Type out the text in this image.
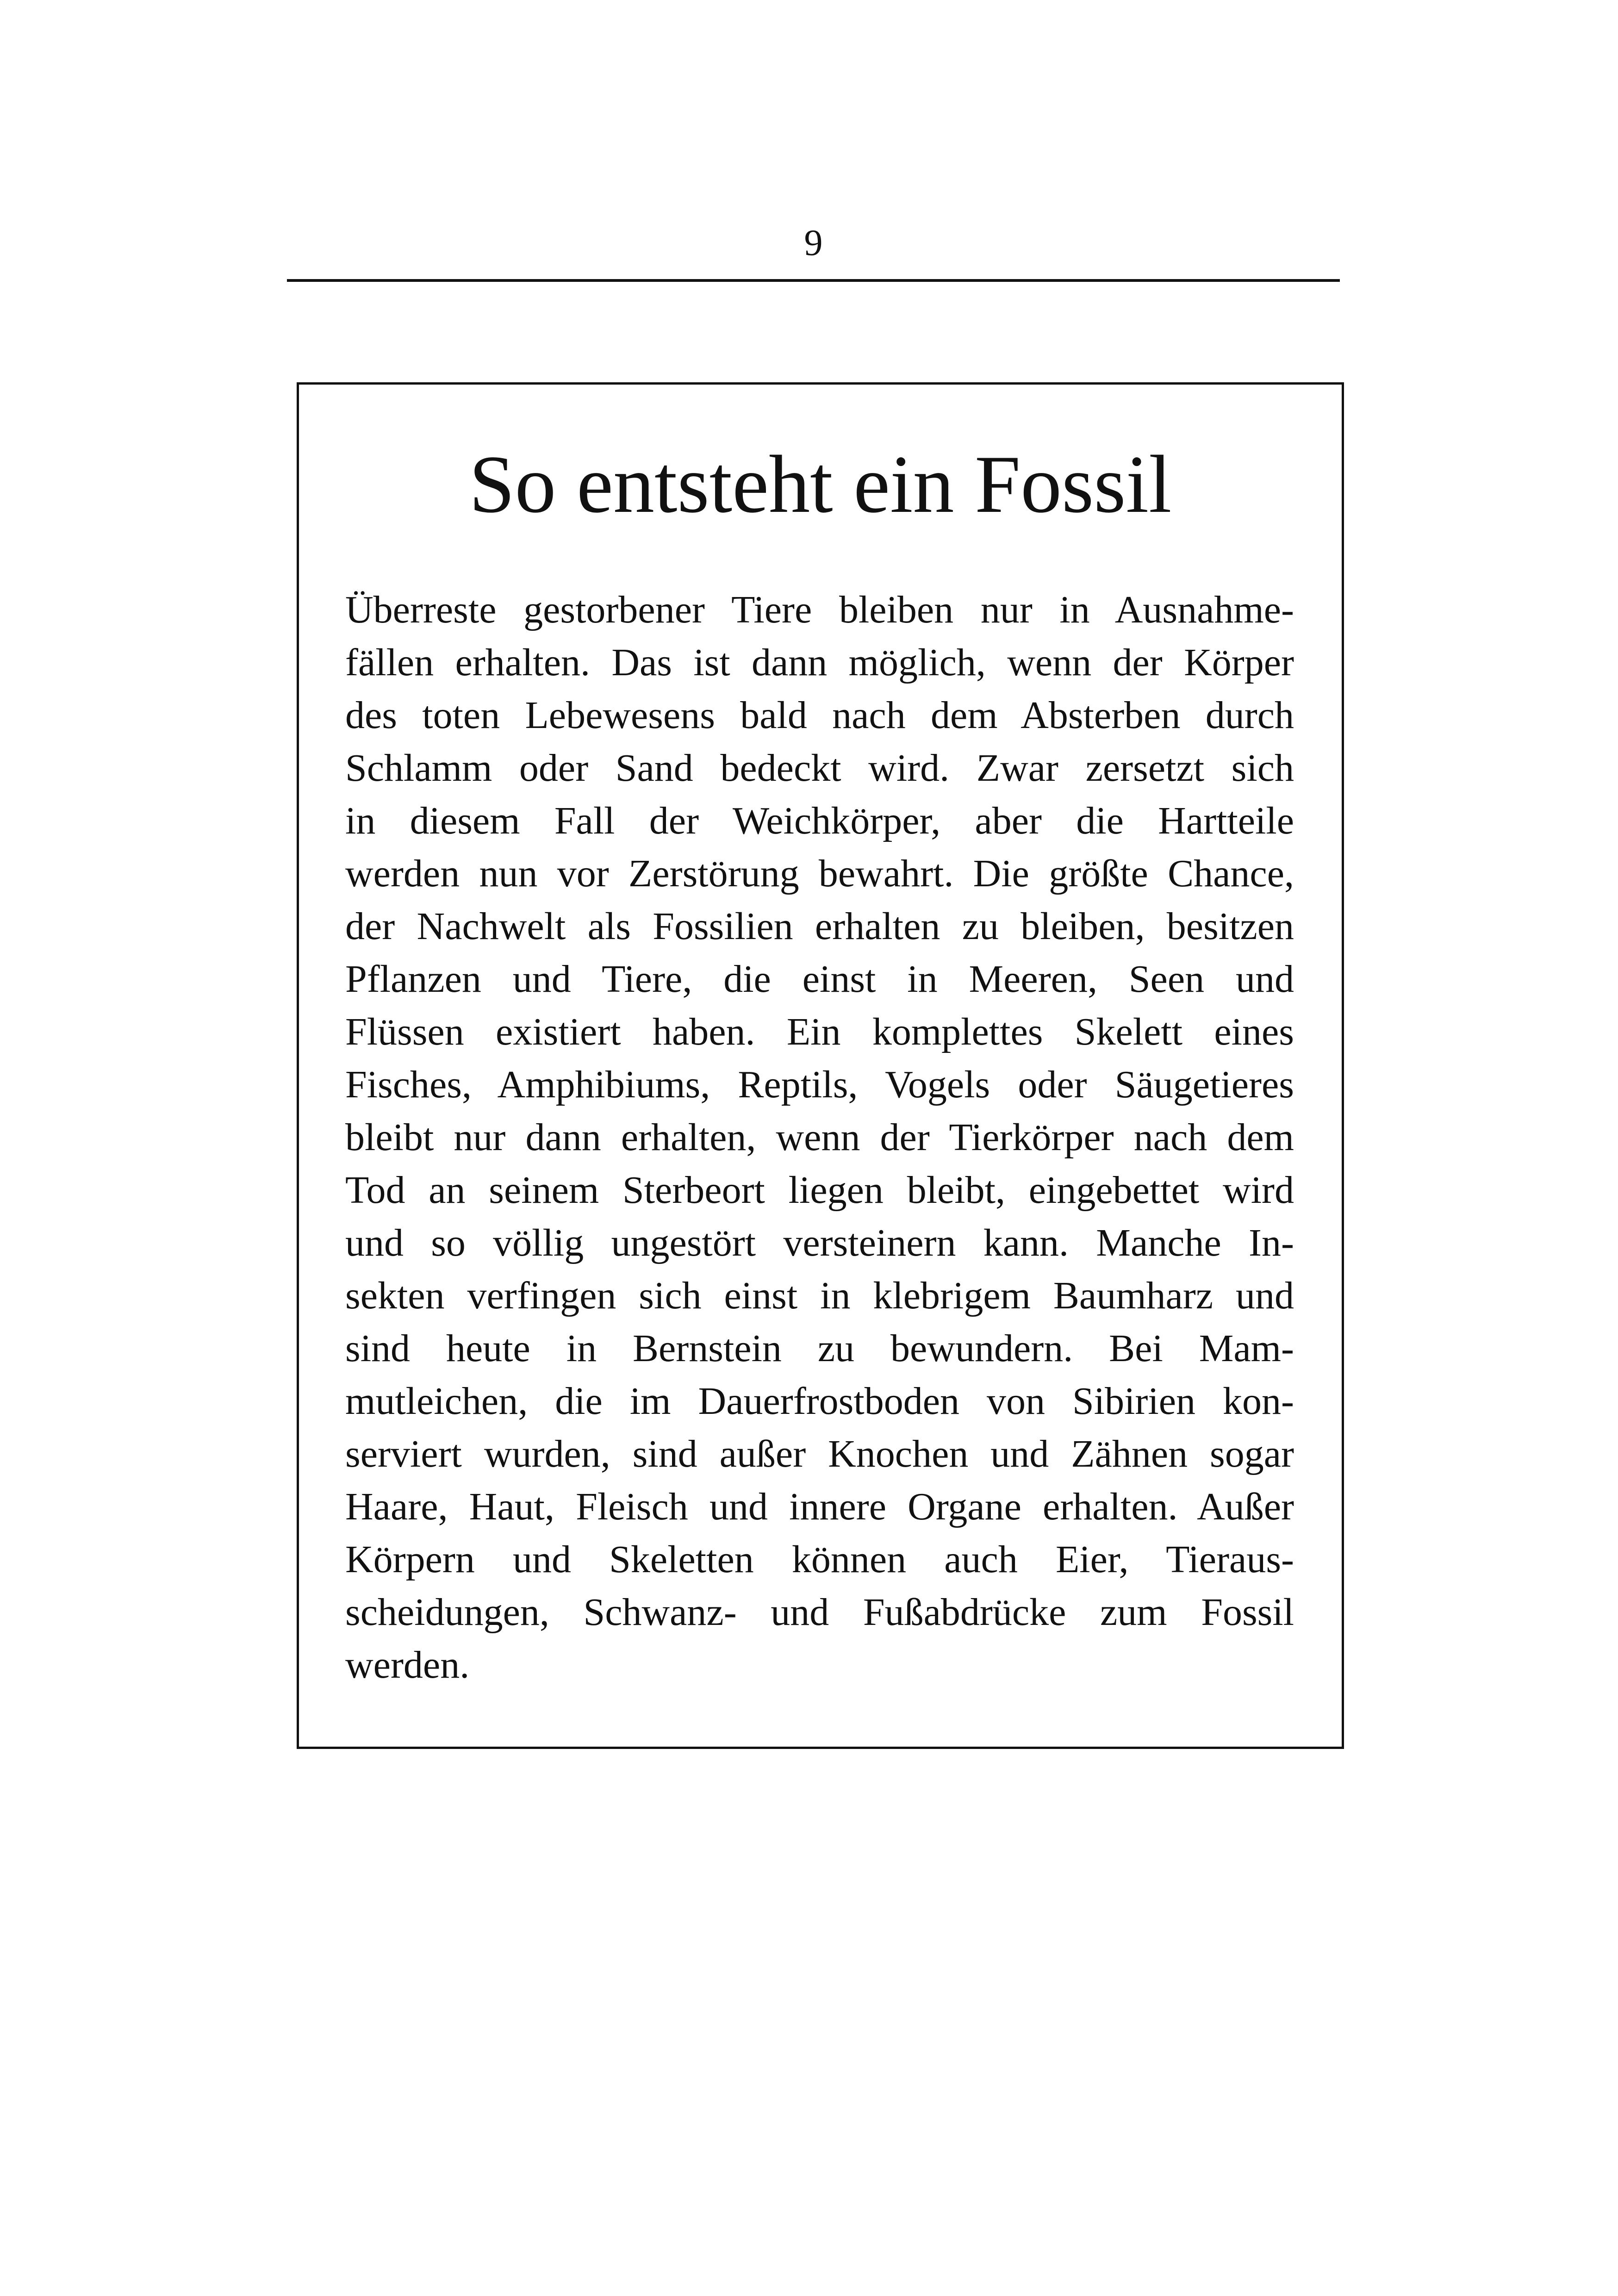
9
So entsteht ein Fossil
Überreste gestorbener Tiere bleiben nur in Ausnahme-
fällen erhalten. Das ist dann möglich, wenn der Körper
des toten Lebewesens bald nach dem Absterben durch
Schlamm oder Sand bedeckt wird. Zwar zersetzt sich
in diesem Fall der Weichkörper, aber die Hartteile
werden nun vor Zerstörung bewahrt. Die größte Chance,
der Nachwelt als Fossilien erhalten zu bleiben, besitzen
Pflanzen und Tiere, die einst in Meeren, Seen und
Flüssen existiert haben. Ein komplettes Skelett eines
Fisches, Amphibiums, Reptils, Vogels oder Säugetieres
bleibt nur dann erhalten, wenn der Tierkörper nach dem
Tod an seinem Sterbeort liegen bleibt, eingebettet wird
und so völlig ungestört versteinern kann. Manche In-
sekten verfingen sich einst in klebrigem Baumharz und
sind heute in Bernstein zu bewundern. Bei Mam-
mutleichen, die im Dauerfrostboden von Sibirien kon-
serviert wurden, sind außer Knochen und Zähnen sogar
Haare, Haut, Fleisch und innere Organe erhalten. Außer
Körpern und Skeletten können auch Eier, Tieraus-
scheidungen, Schwanz- und Fußabdrücke zum Fossil
werden.
